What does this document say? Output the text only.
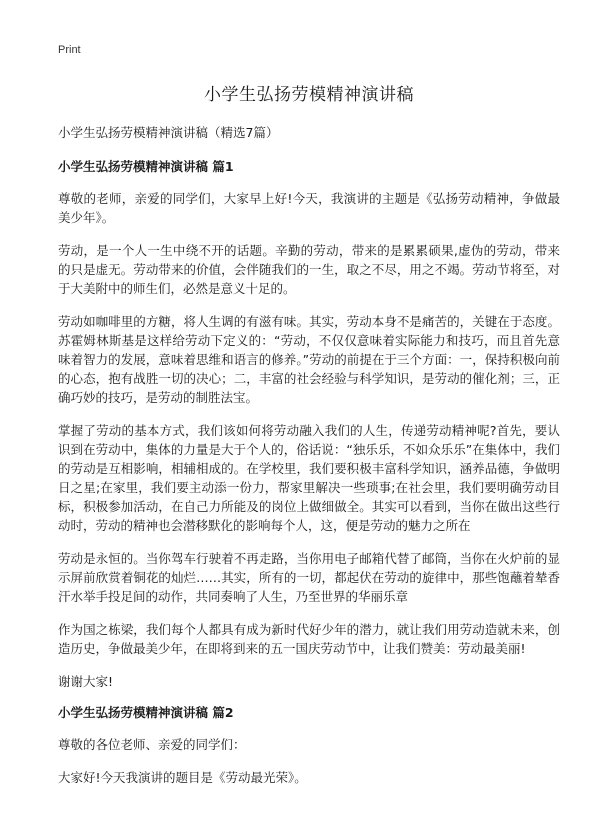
Print
小学生弘扬劳模精神演讲稿
小学生弘扬劳模精神演讲稿（精选7篇）
小学生弘扬劳模精神演讲稿 篇1

尊敬的老师，亲爱的同学们，大家早上好!今天，我演讲的主题是《弘扬劳动精神，争做最美少年》。

劳动，是一个人一生中绕不开的话题。辛勤的劳动，带来的是累累硕果,虚伪的劳动，带来的只是虚无。劳动带来的价值，会伴随我们的一生，取之不尽，用之不竭。劳动节将至，对于大美附中的师生们，必然是意义十足的。

劳动如咖啡里的方糖，将人生调的有滋有味。其实，劳动本身不是痛苦的，关键在于态度。苏霍姆林斯基是这样给劳动下定义的：“劳动，不仅仅意味着实际能力和技巧，而且首先意味着智力的发展，意味着思维和语言的修养。”劳动的前提在于三个方面：一，保持积极向前的心态，抱有战胜一切的决心；二，丰富的社会经验与科学知识，是劳动的催化剂；三，正确巧妙的技巧，是劳动的制胜法宝。

掌握了劳动的基本方式，我们该如何将劳动融入我们的人生，传递劳动精神呢?首先，要认识到在劳动中，集体的力量是大于个人的，俗话说：“独乐乐，不如众乐乐”在集体中，我们的劳动是互相影响，相辅相成的。在学校里，我们要积极丰富科学知识，涵养品德，争做明日之星;在家里，我们要主动添一份力，帮家里解决一些琐事;在社会里，我们要明确劳动目标，积极参加活动，在自己力所能及的岗位上做细做全。其实可以看到，当你在做出这些行动时，劳动的精神也会潜移默化的影响每个人，这，便是劳动的魅力之所在

劳动是永恒的。当你驾车行驶着不再走路，当你用电子邮箱代替了邮筒，当你在火炉前的显示屏前欣赏着铜花的灿烂……其实，所有的一切，都起伏在劳动的旋律中，那些饱蘸着辇香汗水举手投足间的动作，共同奏响了人生，乃至世界的华丽乐章

作为国之栋梁，我们每个人都具有成为新时代好少年的潜力，就让我们用劳动造就未来，创造历史，争做最美少年，在即将到来的五一国庆劳动节中，让我们赞美：劳动最美丽!

谢谢大家!

小学生弘扬劳模精神演讲稿 篇2

尊敬的各位老师、亲爱的同学们：

大家好!今天我演讲的题目是《劳动最光荣》。
